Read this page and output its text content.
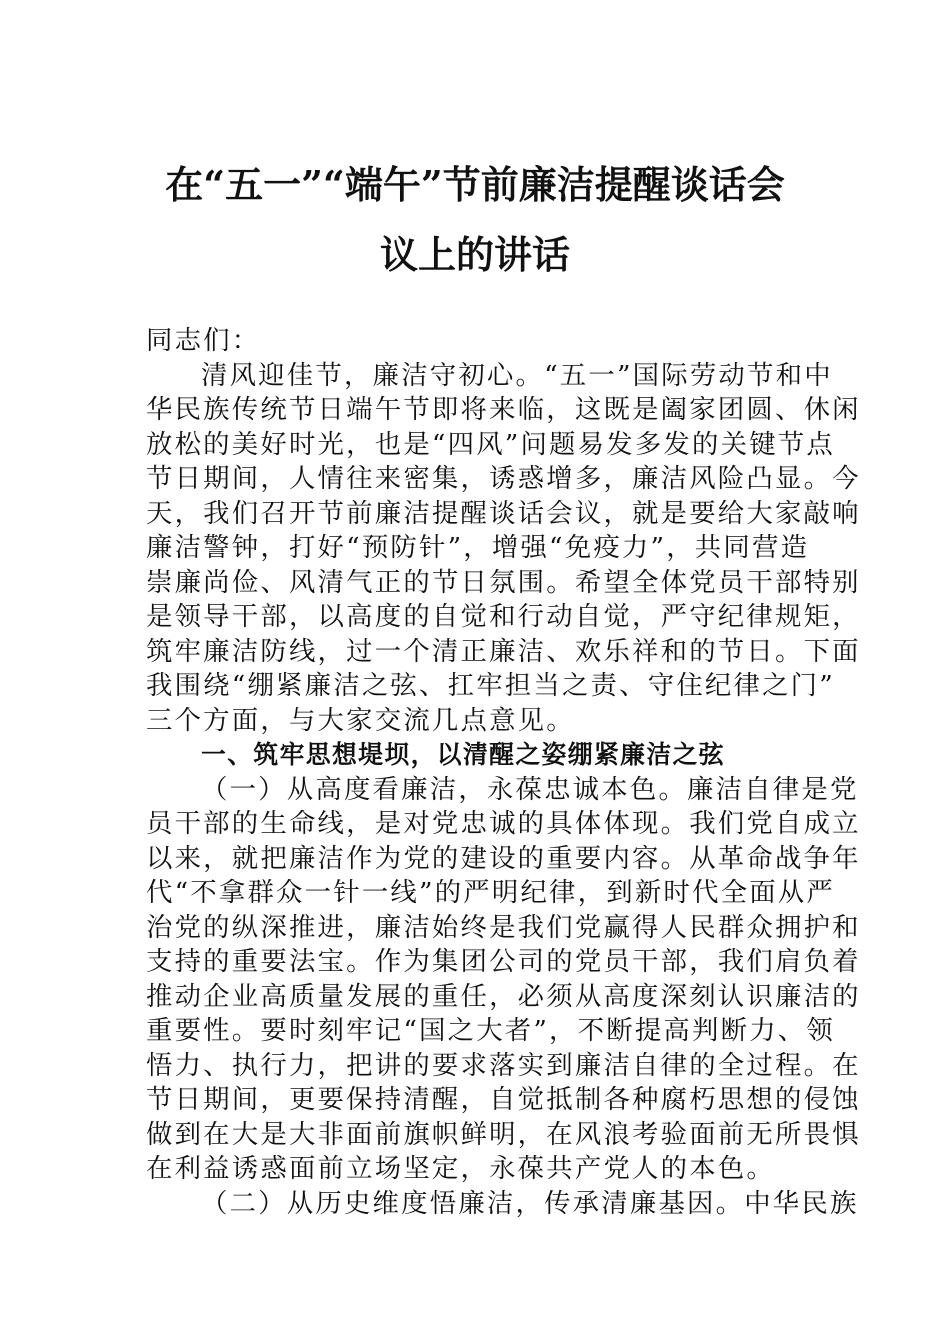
在“五一”“端午”节前廉洁提醒谈话会
议上的讲话
同志们：
清风迎佳节，廉洁守初心。“五一”国际劳动节和中
华民族传统节日端午节即将来临，这既是阖家团圆、休闲
放松的美好时光，也是“四风”问题易发多发的关键节点
节日期间，人情往来密集，诱惑增多，廉洁风险凸显。今
天，我们召开节前廉洁提醒谈话会议，就是要给大家敲响
廉洁警钟，打好“预防针”，增强“免疫力”，共同营造
崇廉尚俭、风清气正的节日氛围。希望全体党员干部特别
是领导干部，以高度的自觉和行动自觉，严守纪律规矩，
筑牢廉洁防线，过一个清正廉洁、欢乐祥和的节日。下面
我围绕“绷紧廉洁之弦、扛牢担当之责、守住纪律之门”
三个方面，与大家交流几点意见。
一、筑牢思想堤坝，以清醒之姿绷紧廉洁之弦
（一）从高度看廉洁，永葆忠诚本色。廉洁自律是党
员干部的生命线，是对党忠诚的具体体现。我们党自成立
以来，就把廉洁作为党的建设的重要内容。从革命战争年
代“不拿群众一针一线”的严明纪律，到新时代全面从严
治党的纵深推进，廉洁始终是我们党赢得人民群众拥护和
支持的重要法宝。作为集团公司的党员干部，我们肩负着
推动企业高质量发展的重任，必须从高度深刻认识廉洁的
重要性。要时刻牢记“国之大者”，不断提高判断力、领
悟力、执行力，把讲的要求落实到廉洁自律的全过程。在
节日期间，更要保持清醒，自觉抵制各种腐朽思想的侵蚀
做到在大是大非面前旗帜鲜明，在风浪考验面前无所畏惧
在利益诱惑面前立场坚定，永葆共产党人的本色。
（二）从历史维度悟廉洁，传承清廉基因。中华民族
